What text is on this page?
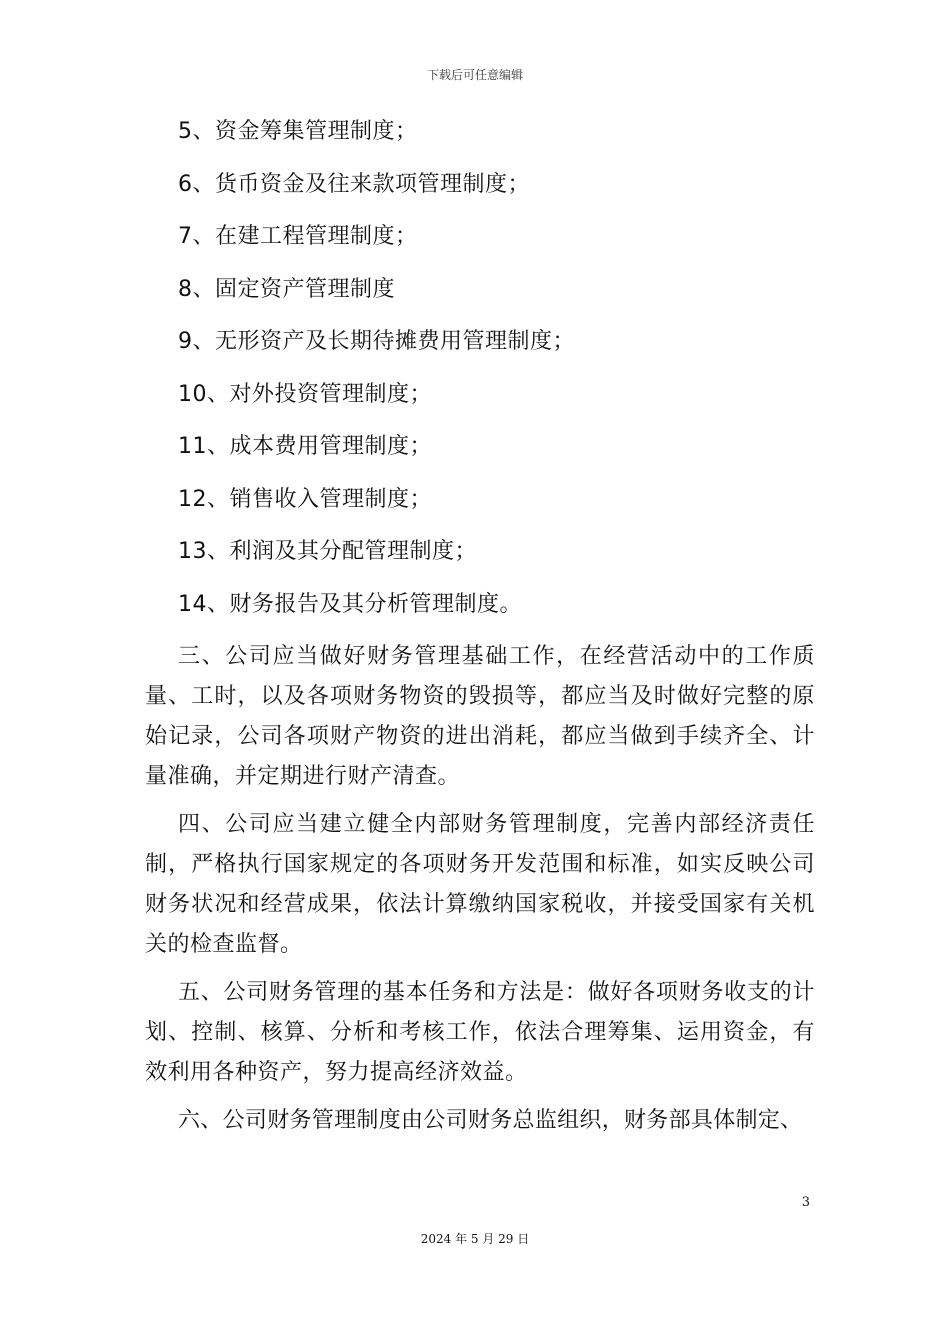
下载后可任意编辑
5、资金筹集管理制度；
6、货币资金及往来款项管理制度；
7、在建工程管理制度；
8、固定资产管理制度
9、无形资产及长期待摊费用管理制度；
10、对外投资管理制度；
11、成本费用管理制度；
12、销售收入管理制度；
13、利润及其分配管理制度；
14、财务报告及其分析管理制度。

三、公司应当做好财务管理基础工作，在经营活动中的工作质量、工时，以及各项财务物资的毁损等，都应当及时做好完整的原始记录，公司各项财产物资的进出消耗，都应当做到手续齐全、计量准确，并定期进行财产清查。

四、公司应当建立健全内部财务管理制度，完善内部经济责任制，严格执行国家规定的各项财务开发范围和标准，如实反映公司财务状况和经营成果，依法计算缴纳国家税收，并接受国家有关机关的检查监督。

五、公司财务管理的基本任务和方法是：做好各项财务收支的计划、控制、核算、分析和考核工作，依法合理筹集、运用资金，有效利用各种资产，努力提高经济效益。

六、公司财务管理制度由公司财务总监组织，财务部具体制定、

3
2024 年 5 月 29 日
